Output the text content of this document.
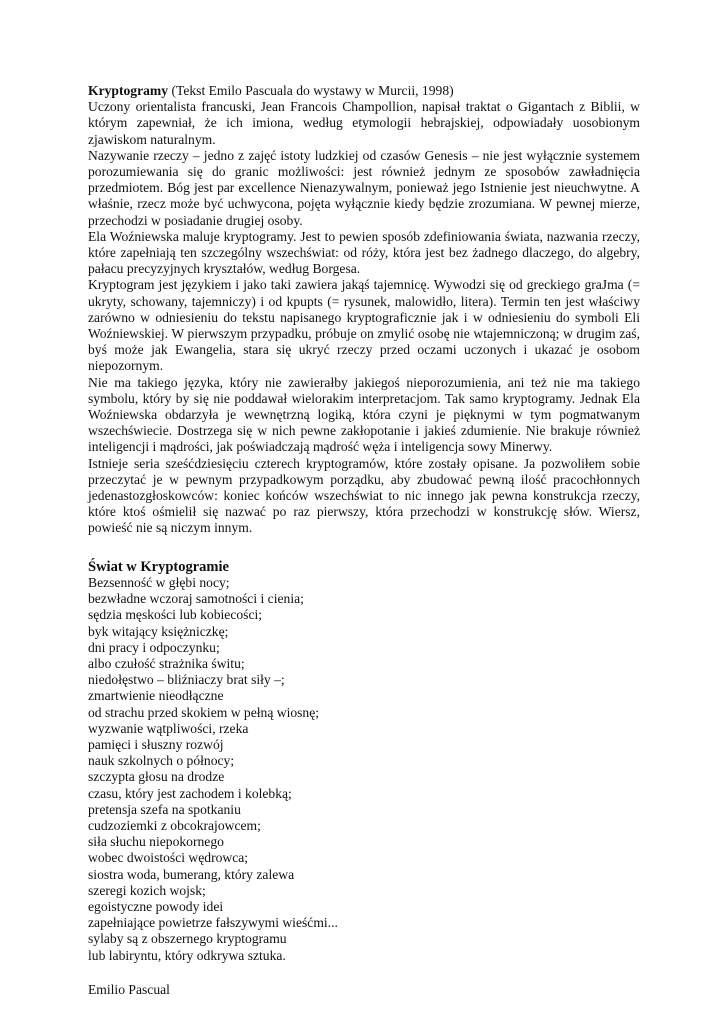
Kryptogramy (Tekst Emilo Pascuala do wystawy w Murcii, 1998)

Uczony orientalista francuski, Jean Francois Champollion, napisał traktat o Gigantach z Biblii, w którym zapewniał, że ich imiona, według etymologii hebrajskiej, odpowiadały uosobionym zjawiskom naturalnym.

Nazywanie rzeczy – jedno z zajęć istoty ludzkiej od czasów Genesis – nie jest wyłącznie systemem porozumiewania się do granic możliwości: jest również jednym ze sposobów zawładnięcia przedmiotem. Bóg jest par excellence Nienazywalnym, ponieważ jego Istnienie jest nieuchwytne. A właśnie, rzecz może być uchwycona, pojęta wyłącznie kiedy będzie zrozumiana. W pewnej mierze, przechodzi w posiadanie drugiej osoby.

Ela Woźniewska maluje kryptogramy. Jest to pewien sposób zdefiniowania świata, nazwania rzeczy, które zapełniają ten szczególny wszechświat: od róży, która jest bez żadnego dlaczego, do algebry, pałacu precyzyjnych kryształów, według Borgesa.

Kryptogram jest językiem i jako taki zawiera jakąś tajemnicę. Wywodzi się od greckiego graJma (= ukryty, schowany, tajemniczy) i od kpupts (= rysunek, malowidło, litera). Termin ten jest właściwy zarówno w odniesieniu do tekstu napisanego kryptograficznie jak i w odniesieniu do symboli Eli Woźniewskiej. W pierwszym przypadku, próbuje on zmylić osobę nie wtajemniczoną; w drugim zaś, byś może jak Ewangelia, stara się ukryć rzeczy przed oczami uczonych i ukazać je osobom niepozornym.

Nie ma takiego języka, który nie zawierałby jakiegoś nieporozumienia, ani też nie ma takiego symbolu, który by się nie poddawał wielorakim interpretacjom. Tak samo kryptogramy. Jednak Ela Woźniewska obdarzyła je wewnętrzną logiką, która czyni je pięknymi w tym pogmatwanym wszechświecie. Dostrzega się w nich pewne zakłopotanie i jakieś zdumienie. Nie brakuje również inteligencji i mądrości, jak poświadczają mądrość węża i inteligencja sowy Minerwy.

Istnieje seria sześćdziesięciu czterech kryptogramów, które zostały opisane. Ja pozwoliłem sobie przeczytać je w pewnym przypadkowym porządku, aby zbudować pewną ilość pracochłonnych jedenastozgłoskowców: koniec końców wszechświat to nic innego jak pewna konstrukcja rzeczy, które ktoś ośmielił się nazwać po raz pierwszy, która przechodzi w konstrukcję słów. Wiersz, powieść nie są niczym innym.

Świat w Kryptogramie

Bezsenność w głębi nocy;
bezwładne wczoraj samotności i cienia;
sędzia męskości lub kobiecości;
byk witający księżniczkę;
dni pracy i odpoczynku;
albo czułość strażnika świtu;
niedołęstwo – bliźniaczy brat siły –;
zmartwienie nieodłączne
od strachu przed skokiem w pełną wiosnę;
wyzwanie wątpliwości, rzeka
pamięci i słuszny rozwój
nauk szkolnych o północy;
szczypta głosu na drodze
czasu, który jest zachodem i kolebką;
pretensja szefa na spotkaniu
cudzoziemki z obcokrajowcem;
siła słuchu niepokornego
wobec dwoistości wędrowca;
siostra woda, bumerang, który zalewa
szeregi kozich wojsk;
egoistyczne powody idei
zapełniające powietrze fałszywymi wieśćmi...
sylaby są z obszernego kryptogramu
lub labiryntu, który odkrywa sztuka.

Emilio Pascual
